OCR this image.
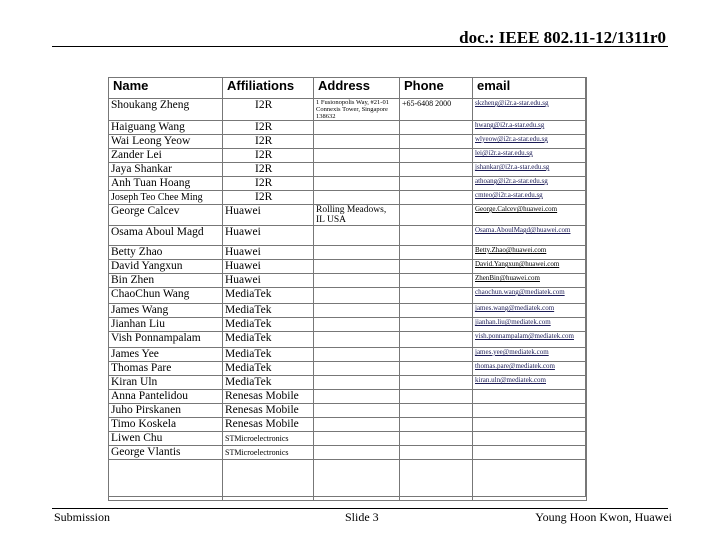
doc.: IEEE 802.11-12/1311r0
Name	Affiliations	Address	Phone	email
Shoukang Zheng	I2R	1 Fusionopolis Way, #21-01 Connexis Tower, Singapore 138632	+65-6408 2000	skzheng@i2r.a-star.edu.sg
Haiguang Wang	I2R			hwang@i2r.a-star.edu.sg
Wai Leong Yeow	I2R			wlyeow@i2r.a-star.edu.sg
Zander Lei	I2R			lei@i2r.a-star.edu.sg
Jaya Shankar	I2R			jshankar@i2r.a-star.edu.sg
Anh Tuan Hoang	I2R			athoang@i2r.a-star.edu.sg
Joseph Teo Chee Ming	I2R			cmteo@i2r.a-star.edu.sg
George Calcev	Huawei	Rolling Meadows, IL USA		George.Calcev@huawei.com
Osama Aboul Magd	Huawei			Osama.AboulMagd@huawei.com
Betty Zhao	Huawei			Betty.Zhao@huawei.com
David Yangxun	Huawei			David.Yangxun@huawei.com
Bin Zhen	Huawei			ZhenBin@huawei.com
ChaoChun Wang	MediaTek			chaochun.wang@mediatek.com
James Wang	MediaTek			james.wang@mediatek.com
Jianhan Liu	MediaTek			jianhan.liu@mediatek.com
Vish Ponnampalam	MediaTek			vish.ponnampalam@mediatek.com
James Yee	MediaTek			james.yee@mediatek.com
Thomas Pare	MediaTek			thomas.pare@mediatek.com
Kiran Uln	MediaTek			kiran.uln@mediatek.com
Anna Pantelidou	Renesas Mobile			
Juho Pirskanen	Renesas Mobile			
Timo Koskela	Renesas Mobile			
Liwen Chu	STMicroelectronics			
George Vlantis	STMicroelectronics			

Submission	Slide 3	Young Hoon Kwon, Huawei
